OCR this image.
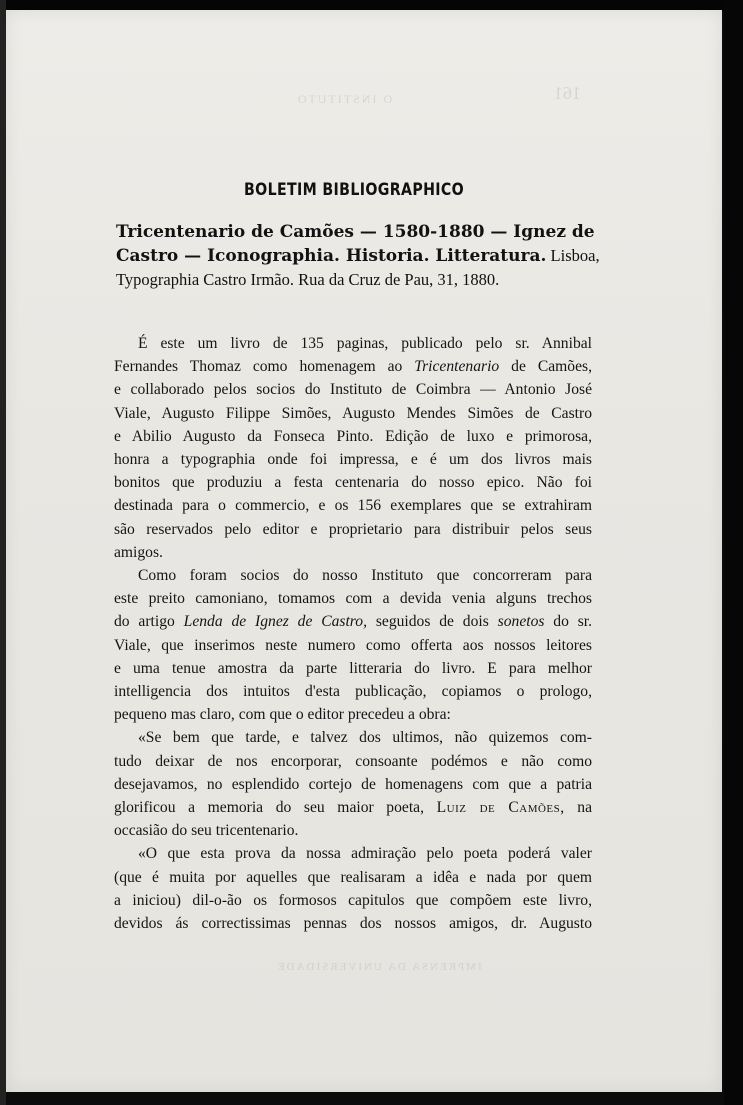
O INSTITUTO	161
IMPRENSA DA UNIVERSIDADE
BOLETIM BIBLIOGRAPHICO
Tricentenario de Camões — 1580-1880 — Ignez de
Castro — Iconographia. Historia. Litteratura. Lisboa,
Typographia Castro Irmão. Rua da Cruz de Pau, 31, 1880.

É este um livro de 135 paginas, publicado pelo sr. Annibal
Fernandes Thomaz como homenagem ao Tricentenario de Camões,
e collaborado pelos socios do Instituto de Coimbra — Antonio José
Viale, Augusto Filippe Simões, Augusto Mendes Simões de Castro
e Abilio Augusto da Fonseca Pinto. Edição de luxo e primorosa,
honra a typographia onde foi impressa, e é um dos livros mais
bonitos que produziu a festa centenaria do nosso epico. Não foi
destinada para o commercio, e os 156 exemplares que se extrahiram
são reservados pelo editor e proprietario para distribuir pelos seus
amigos.

Como foram socios do nosso Instituto que concorreram para
este preito camoniano, tomamos com a devida venia alguns trechos
do artigo Lenda de Ignez de Castro, seguidos de dois sonetos do sr.
Viale, que inserimos neste numero como offerta aos nossos leitores
e uma tenue amostra da parte litteraria do livro. E para melhor
intelligencia dos intuitos d'esta publicação, copiamos o prologo,
pequeno mas claro, com que o editor precedeu a obra:

«Se bem que tarde, e talvez dos ultimos, não quizemos com-
tudo deixar de nos encorporar, consoante podémos e não como
desejavamos, no esplendido cortejo de homenagens com que a patria
glorificou a memoria do seu maior poeta, Luiz de Camões, na
occasião do seu tricentenario.

«O que esta prova da nossa admiração pelo poeta poderá valer
(que é muita por aquelles que realisaram a idêa e nada por quem
a iniciou) dil-o-ão os formosos capitulos que compõem este livro,
devidos ás correctissimas pennas dos nossos amigos, dr. Augusto
